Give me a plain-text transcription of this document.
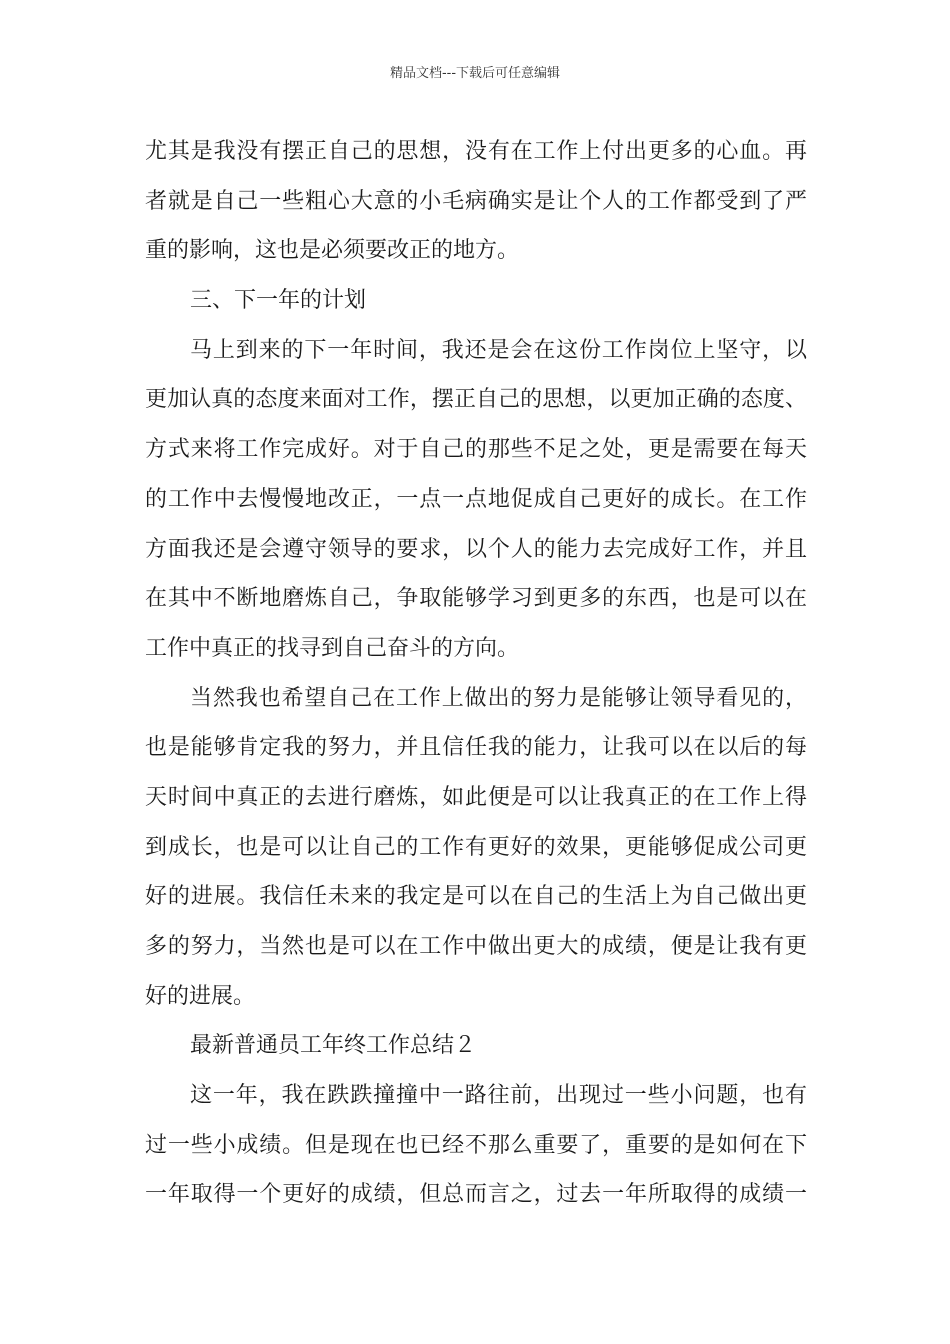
精品文档---下载后可任意编辑
尤其是我没有摆正自己的思想，没有在工作上付出更多的心血。再
者就是自己一些粗心大意的小毛病确实是让个人的工作都受到了严
重的影响，这也是必须要改正的地方。
三、下一年的计划
马上到来的下一年时间，我还是会在这份工作岗位上坚守，以
更加认真的态度来面对工作，摆正自己的思想，以更加正确的态度、
方式来将工作完成好。对于自己的那些不足之处，更是需要在每天
的工作中去慢慢地改正，一点一点地促成自己更好的成长。在工作
方面我还是会遵守领导的要求，以个人的能力去完成好工作，并且
在其中不断地磨炼自己，争取能够学习到更多的东西，也是可以在
工作中真正的找寻到自己奋斗的方向。
当然我也希望自己在工作上做出的努力是能够让领导看见的，
也是能够肯定我的努力，并且信任我的能力，让我可以在以后的每
天时间中真正的去进行磨炼，如此便是可以让我真正的在工作上得
到成长，也是可以让自己的工作有更好的效果，更能够促成公司更
好的进展。我信任未来的我定是可以在自己的生活上为自己做出更
多的努力，当然也是可以在工作中做出更大的成绩，便是让我有更
好的进展。
最新普通员工年终工作总结２
这一年，我在跌跌撞撞中一路往前，出现过一些小问题，也有
过一些小成绩。但是现在也已经不那么重要了，重要的是如何在下
一年取得一个更好的成绩，但总而言之，过去一年所取得的成绩一
